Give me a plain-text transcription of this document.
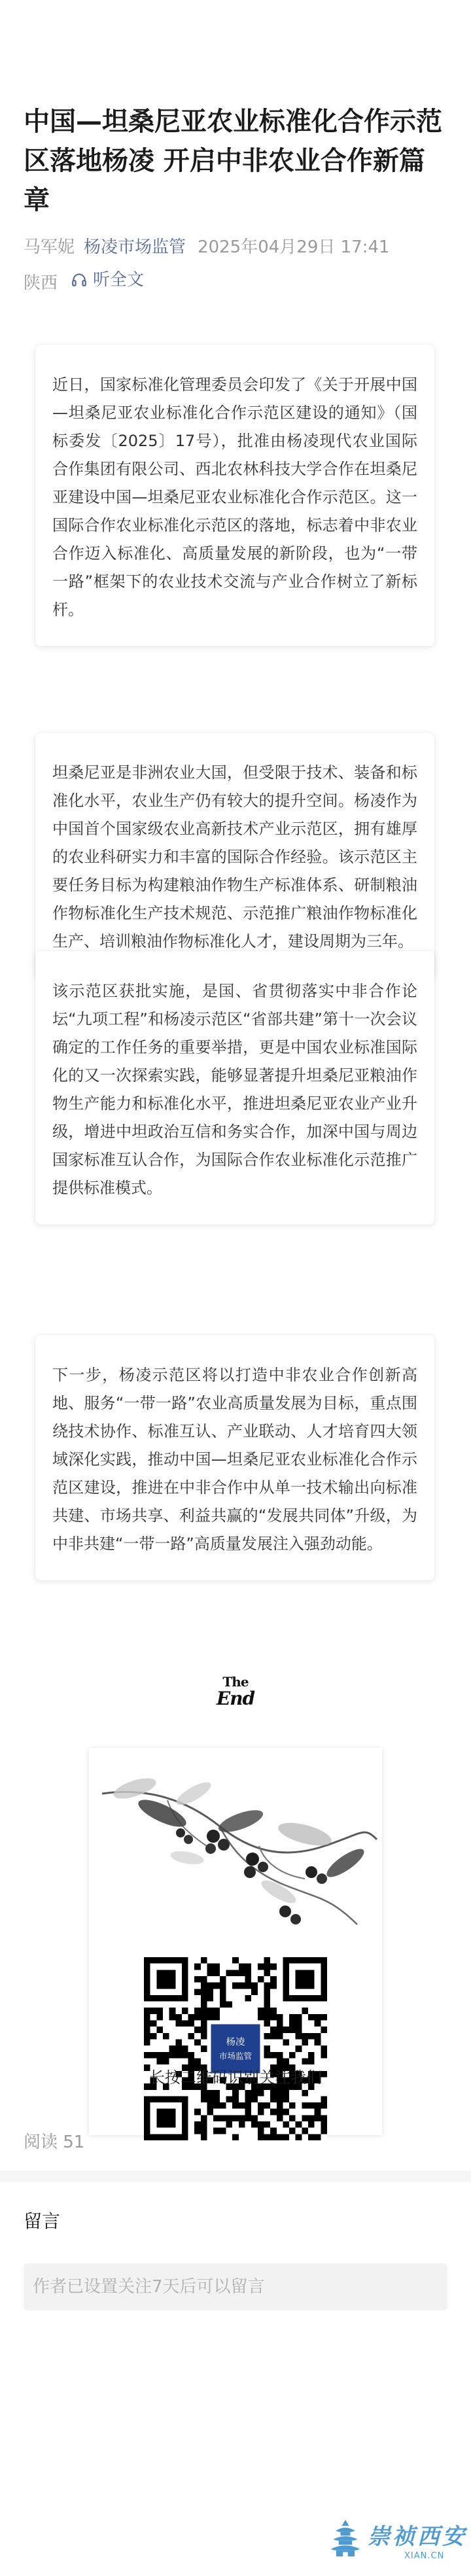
中国—坦桑尼亚农业标准化合作示范区落地杨凌 开启中非农业合作新篇章
马军妮 杨凌市场监管 2025年04月29日 17:41
陕西 听全文

近日，国家标准化管理委员会印发了《关于开展中国—坦桑尼亚农业标准化合作示范区建设的通知》（国标委发〔2025〕17号），批准由杨凌现代农业国际合作集团有限公司、西北农林科技大学合作在坦桑尼亚建设中国—坦桑尼亚农业标准化合作示范区。这一国际合作农业标准化示范区的落地，标志着中非农业合作迈入标准化、高质量发展的新阶段，也为“一带一路”框架下的农业技术交流与产业合作树立了新标杆。

坦桑尼亚是非洲农业大国，但受限于技术、装备和标准化水平，农业生产仍有较大的提升空间。杨凌作为中国首个国家级农业高新技术产业示范区，拥有雄厚的农业科研实力和丰富的国际合作经验。该示范区主要任务目标为构建粮油作物生产标准体系、研制粮油作物标准化生产技术规范、示范推广粮油作物标准化生产、培训粮油作物标准化人才，建设周期为三年。

该示范区获批实施，是国、省贯彻落实中非合作论坛“九项工程”和杨凌示范区“省部共建”第十一次会议确定的工作任务的重要举措，更是中国农业标准国际化的又一次探索实践，能够显著提升坦桑尼亚粮油作物生产能力和标准化水平，推进坦桑尼亚农业产业升级，增进中坦政治互信和务实合作，加深中国与周边国家标准互认合作，为国际合作农业标准化示范推广提供标准模式。

下一步，杨凌示范区将以打造中非农业合作创新高地、服务“一带一路”农业高质量发展为目标，重点围绕技术协作、标准互认、产业联动、人才培育四大领域深化实践，推动中国—坦桑尼亚农业标准化合作示范区建设，推进在中非合作中从单一技术输出向标准共建、市场共享、利益共赢的“发展共同体”升级，为中非共建“一带一路”高质量发展注入强劲动能。

The
End
杨凌
市场监管
长按二维码识别关注我们
阅读 51
留言
作者已设置关注7天后可以留言
崇祯西安
XIAN.CN
